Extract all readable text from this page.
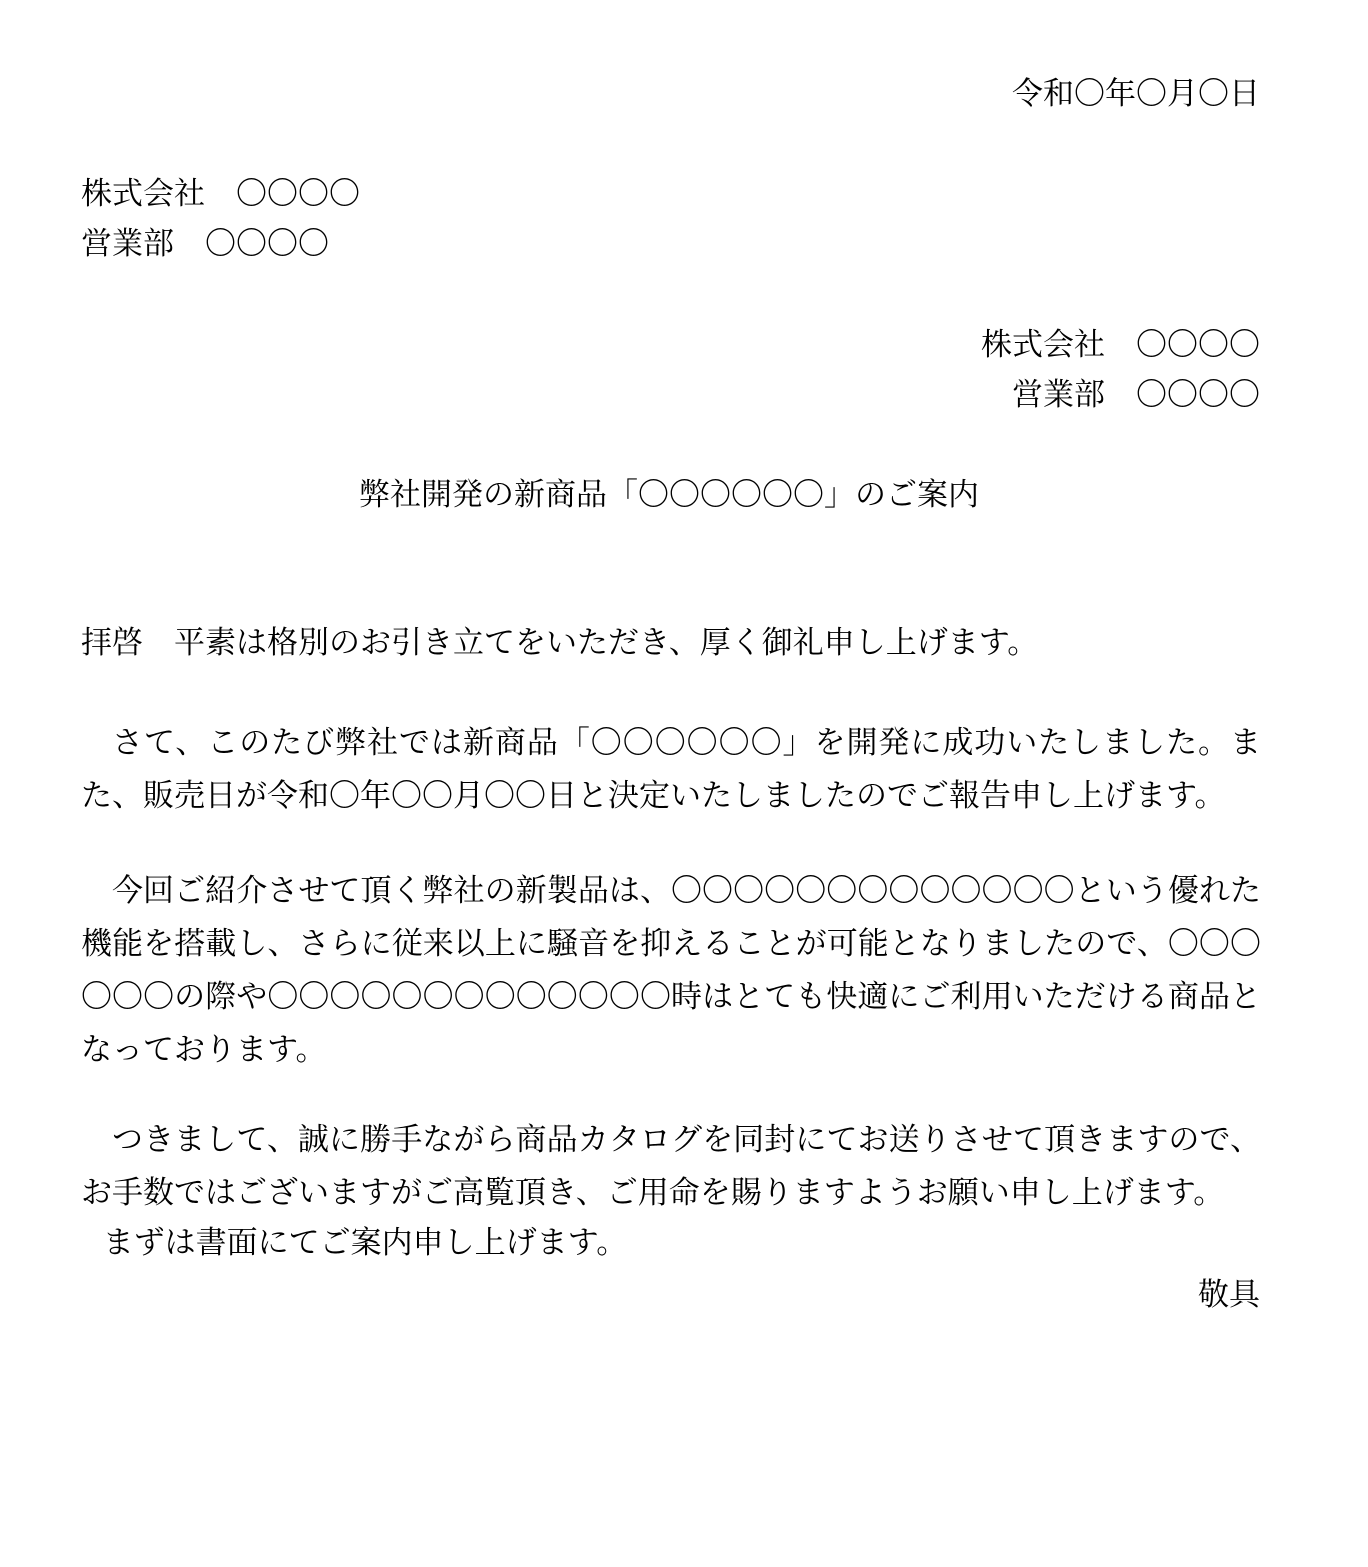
令和〇年〇月〇日
株式会社　〇〇〇〇
営業部　〇〇〇〇
株式会社　〇〇〇〇
営業部　〇〇〇〇
弊社開発の新商品「〇〇〇〇〇〇」のご案内

拝啓　平素は格別のお引き立てをいただき、厚く御礼申し上げます。

さて、このたび弊社では新商品「〇〇〇〇〇〇」を開発に成功いたしました。また、販売日が令和〇年〇〇月〇〇日と決定いたしましたのでご報告申し上げます。

今回ご紹介させて頂く弊社の新製品は、〇〇〇〇〇〇〇〇〇〇〇〇〇という優れた機能を搭載し、さらに従来以上に騒音を抑えることが可能となりましたので、〇〇〇〇〇〇の際や〇〇〇〇〇〇〇〇〇〇〇〇〇時はとても快適にご利用いただける商品となっております。

つきまして、誠に勝手ながら商品カタログを同封にてお送りさせて頂きますので、お手数ではございますがご高覧頂き、ご用命を賜りますようお願い申し上げます。

まずは書面にてご案内申し上げます。

敬具
